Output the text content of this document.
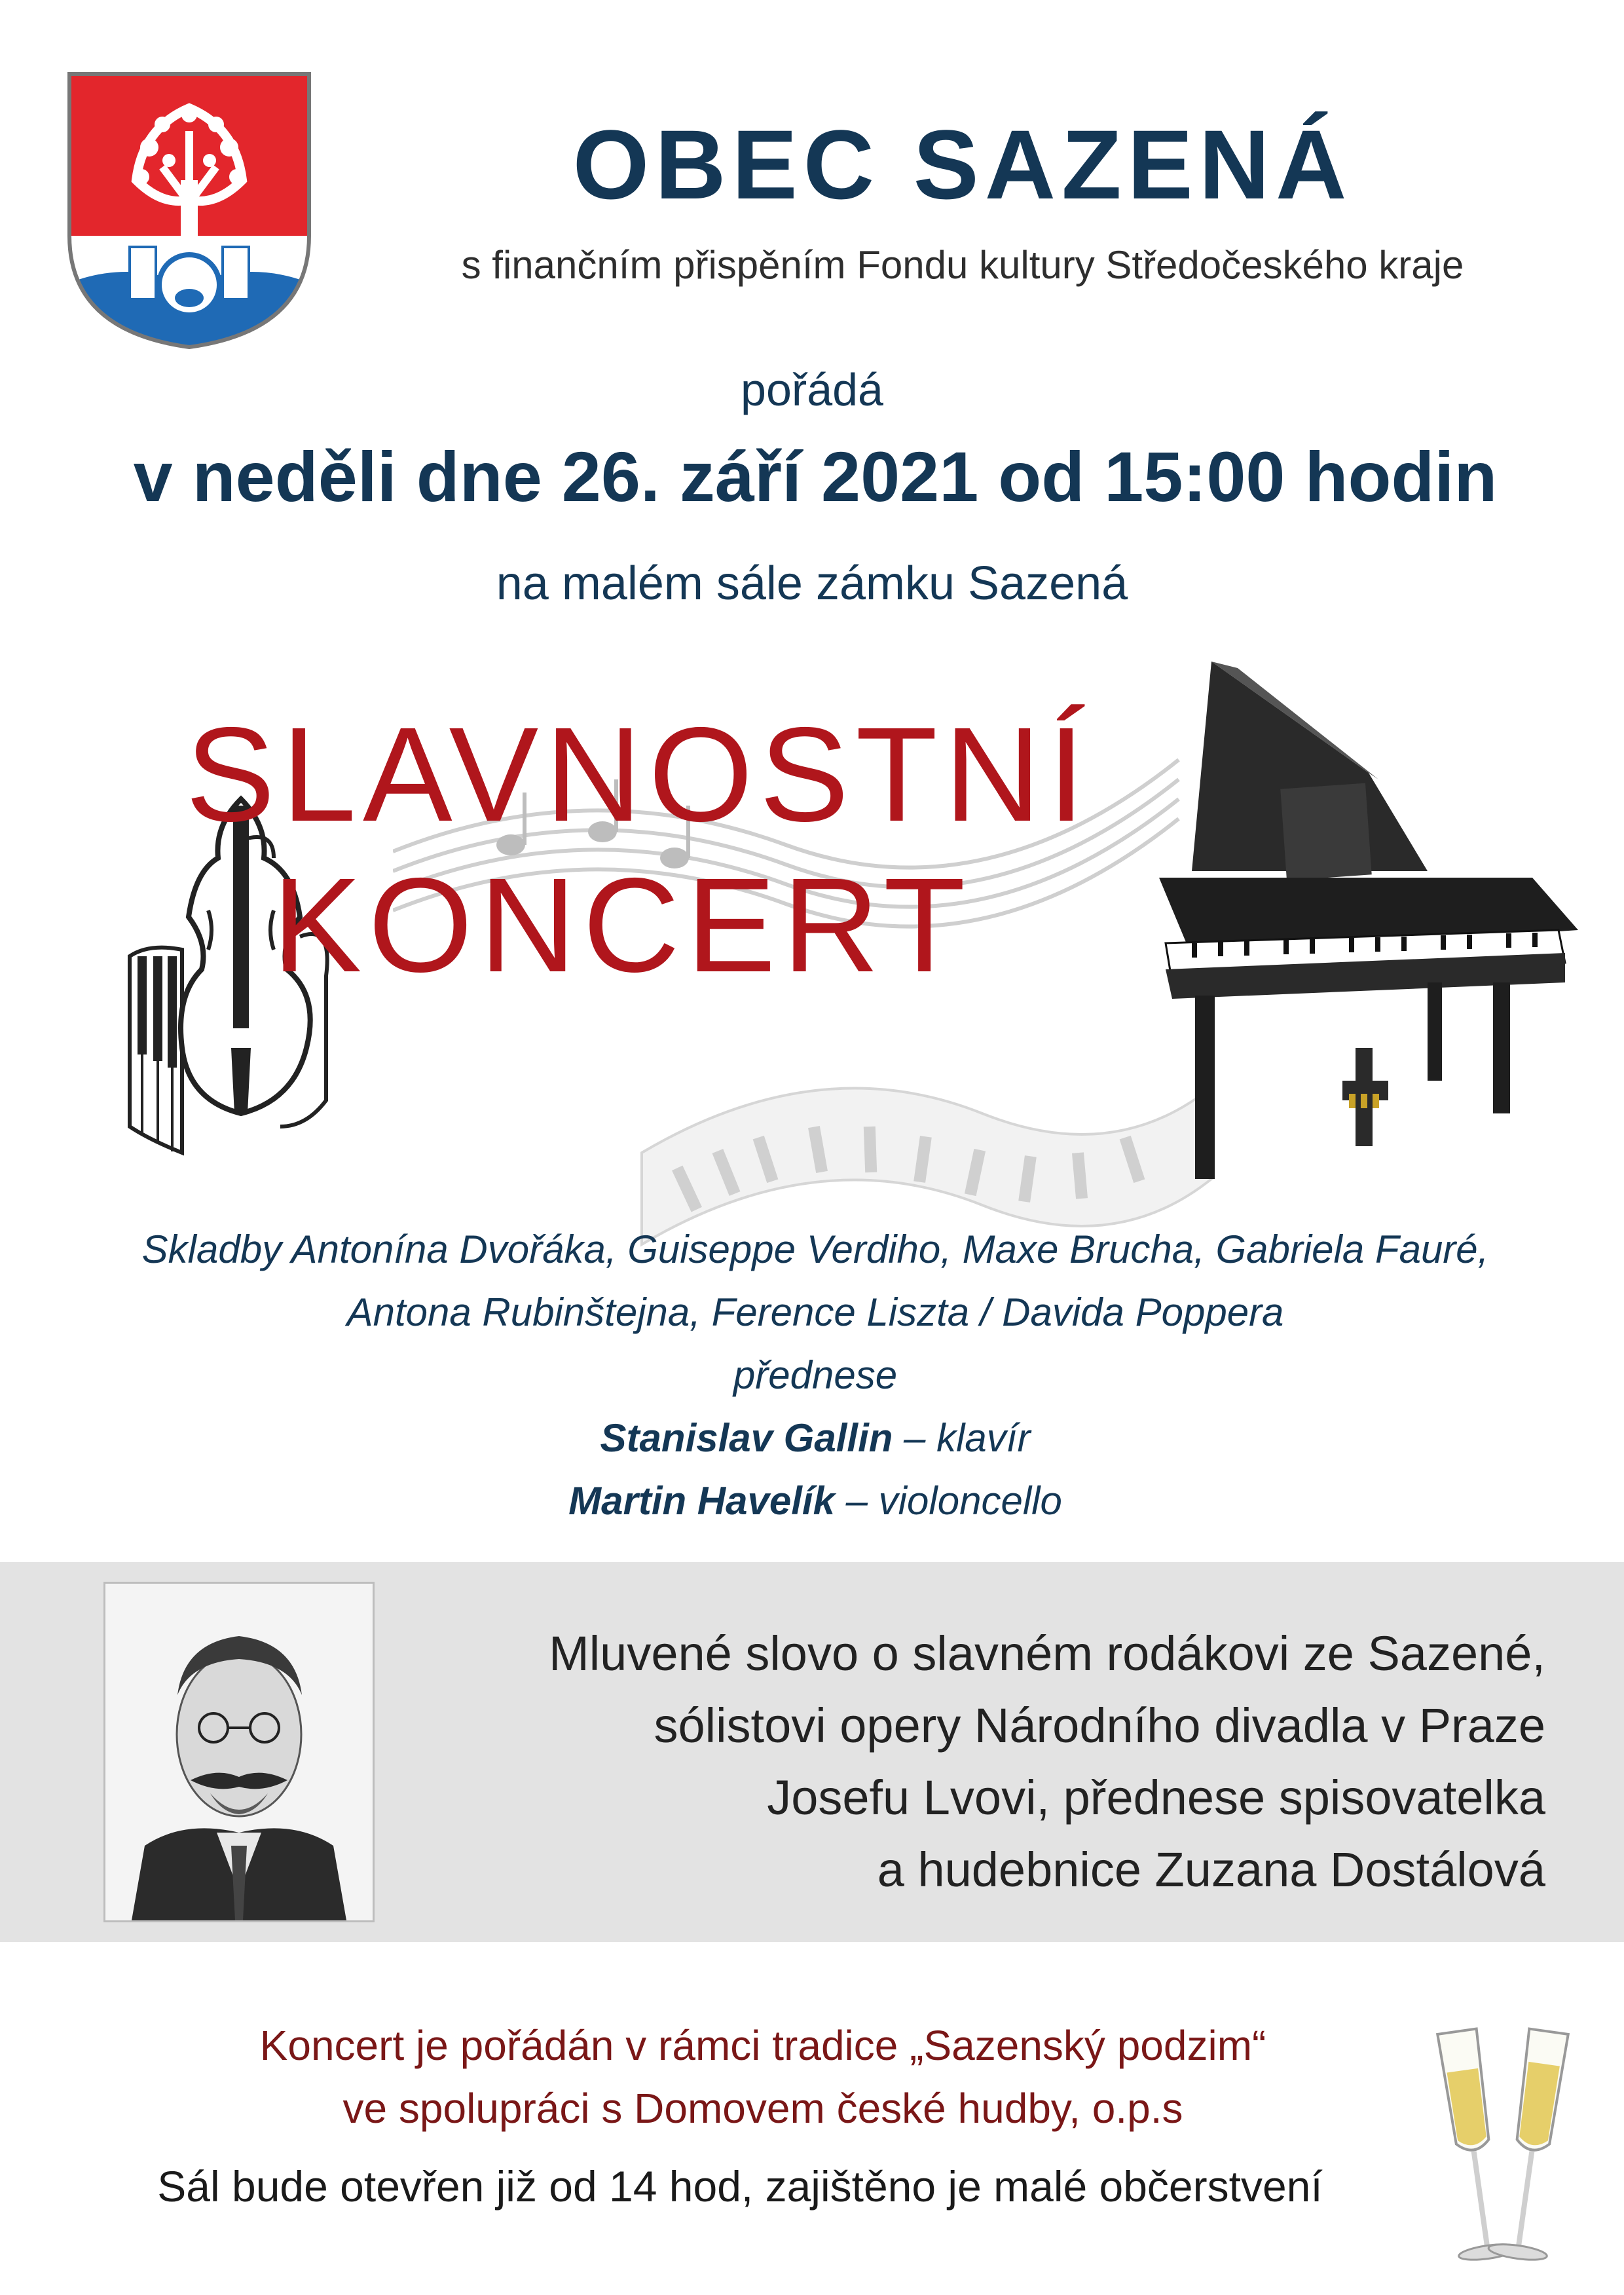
OBEC SAZENÁ
s finančním přispěním Fondu kultury Středočeského kraje
pořádá
v neděli dne 26. září 2021 od 15:00 hodin
na malém sále zámku Sazená
SLAVNOSTNÍ
KONCERT
Skladby Antonína Dvořáka, Guiseppe Verdiho, Maxe Brucha, Gabriela Fauré,
Antona Rubinštejna, Ference Liszta / Davida Poppera
přednese
Stanislav Gallin – klavír
Martin Havelík – violoncello
Mluvené slovo o slavném rodákovi ze Sazené,
sólistovi opery Národního divadla v Praze
Josefu Lvovi, přednese spisovatelka
a hudebnice Zuzana Dostálová
Koncert je pořádán v rámci tradice „Sazenský podzim“
ve spolupráci s Domovem české hudby, o.p.s
Sál bude otevřen již od 14 hod, zajištěno je malé občerstvení
